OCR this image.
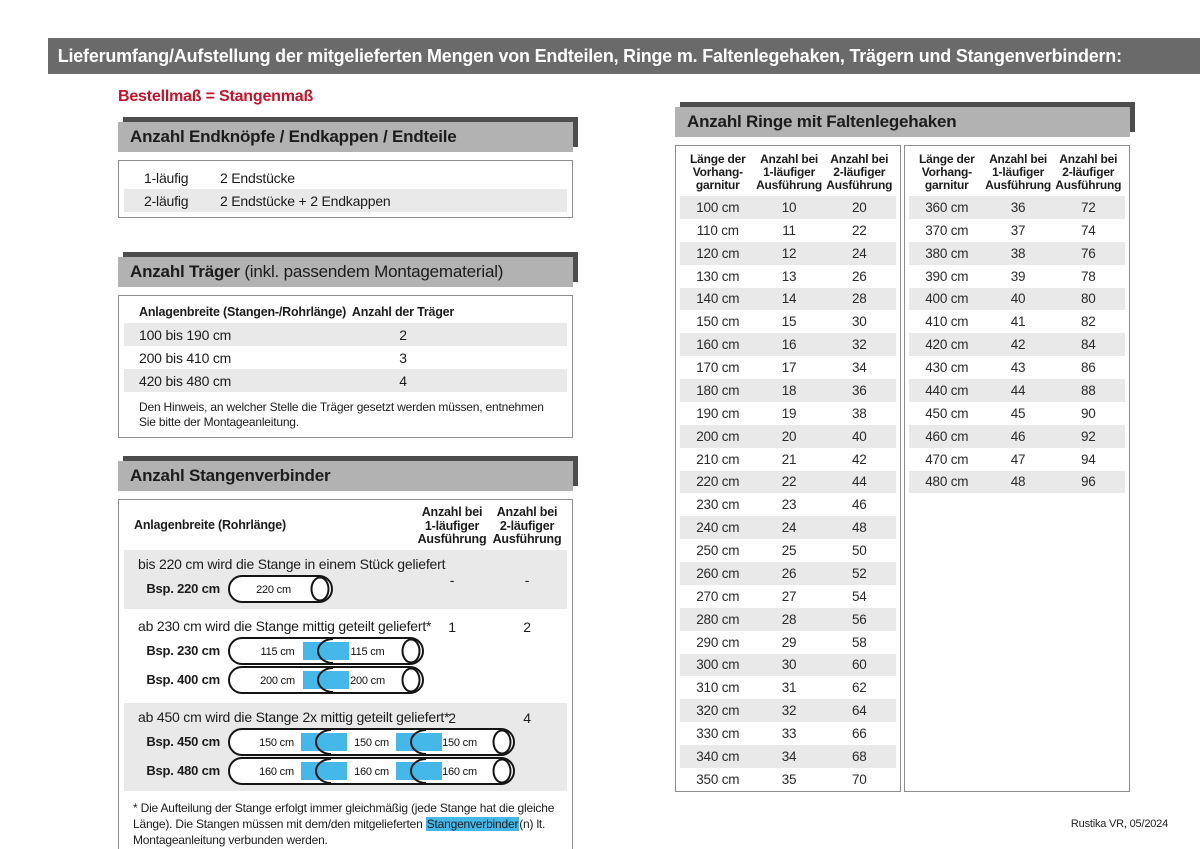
Lieferumfang/Aufstellung der mitgelieferten Mengen von Endteilen, Ringe m. Faltenlegehaken, Trägern und Stangenverbindern:
Bestellmaß = Stangenmaß
Anzahl Endknöpfe / Endkappen / Endteile
1-läufig	2 Endstücke
2-läufig	2 Endstücke + 2 Endkappen
Anzahl Träger (inkl. passendem Montagematerial)
Anlagenbreite (Stangen-/Rohrlänge) Anzahl der Träger
100 bis 190 cm	2
200 bis 410 cm	3
420 bis 480 cm	4
Den Hinweis, an welcher Stelle die Träger gesetzt werden müssen, entnehmen Sie bitte der Montageanleitung.
Anzahl Stangenverbinder
Anlagenbreite (Rohrlänge)
Anzahl bei
1-läufiger
Ausführung
Anzahl bei
2-läufiger
Ausführung
bis 220 cm wird die Stange in einem Stück geliefert
-	-
Bsp. 220 cm	220 cm
ab 230 cm wird die Stange mittig geteilt geliefert*	1	2
Bsp. 230 cm	115 cm	115 cm
Bsp. 400 cm	200 cm	200 cm
ab 450 cm wird die Stange 2x mittig geteilt geliefert*
2	4
Bsp. 450 cm	150 cm	150 cm	150 cm
Bsp. 480 cm	160 cm	160 cm	160 cm
* Die Aufteilung der Stange erfolgt immer gleichmäßig (jede Stange hat die gleiche Länge). Die Stangen müssen mit dem/den mitgelieferten Stangenverbinder(n) lt. Montageanleitung verbunden werden.
Anzahl Ringe mit Faltenlegehaken
Länge der
Vorhang-
garnitur
Anzahl bei
1-läufiger
Ausführung
Anzahl bei
2-läufiger
Ausführung
100 cm	10	20
110 cm	11	22
120 cm	12	24
130 cm	13	26
140 cm	14	28
150 cm	15	30
160 cm	16	32
170 cm	17	34
180 cm	18	36
190 cm	19	38
200 cm	20	40
210 cm	21	42
220 cm	22	44
230 cm	23	46
240 cm	24	48
250 cm	25	50
260 cm	26	52
270 cm	27	54
280 cm	28	56
290 cm	29	58
300 cm	30	60
310 cm	31	62
320 cm	32	64
330 cm	33	66
340 cm	34	68
350 cm	35	70
Länge der
Vorhang-
garnitur
Anzahl bei
1-läufiger
Ausführung
Anzahl bei
2-läufiger
Ausführung
360 cm	36	72
370 cm	37	74
380 cm	38	76
390 cm	39	78
400 cm	40	80
410 cm	41	82
420 cm	42	84
430 cm	43	86
440 cm	44	88
450 cm	45	90
460 cm	46	92
470 cm	47	94
480 cm	48	96
Rustika VR, 05/2024
